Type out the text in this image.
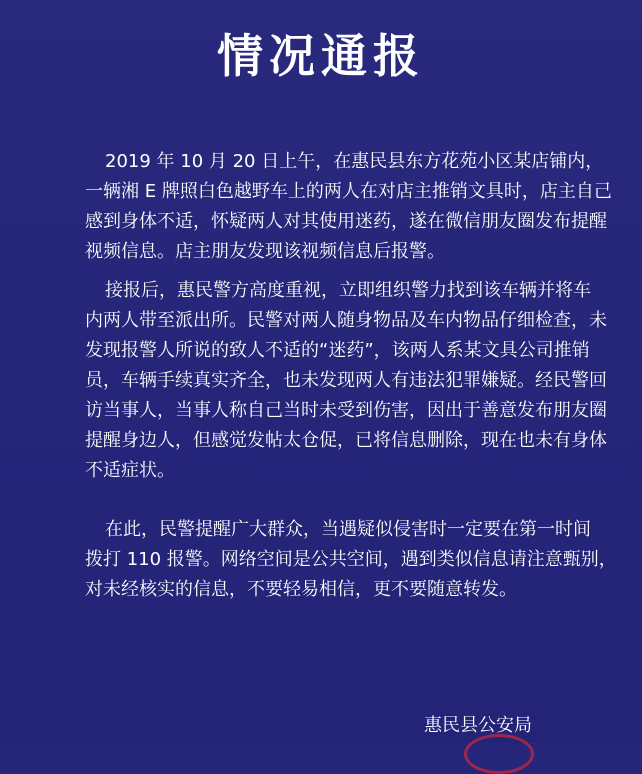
情况通报

2019 年 10 月 20 日上午，在惠民县东方花苑小区某店铺内，
一辆湘 E 牌照白色越野车上的两人在对店主推销文具时，店主自己
感到身体不适，怀疑两人对其使用迷药，遂在微信朋友圈发布提醒
视频信息。店主朋友发现该视频信息后报警。

接报后，惠民警方高度重视，立即组织警力找到该车辆并将车
内两人带至派出所。民警对两人随身物品及车内物品仔细检查，未
发现报警人所说的致人不适的“迷药”，该两人系某文具公司推销
员，车辆手续真实齐全，也未发现两人有违法犯罪嫌疑。经民警回
访当事人，当事人称自己当时未受到伤害，因出于善意发布朋友圈
提醒身边人，但感觉发帖太仓促，已将信息删除，现在也未有身体
不适症状。

在此，民警提醒广大群众，当遇疑似侵害时一定要在第一时间
拨打 110 报警。网络空间是公共空间，遇到类似信息请注意甄别，
对未经核实的信息，不要轻易相信，更不要随意转发。

惠民县公安局
